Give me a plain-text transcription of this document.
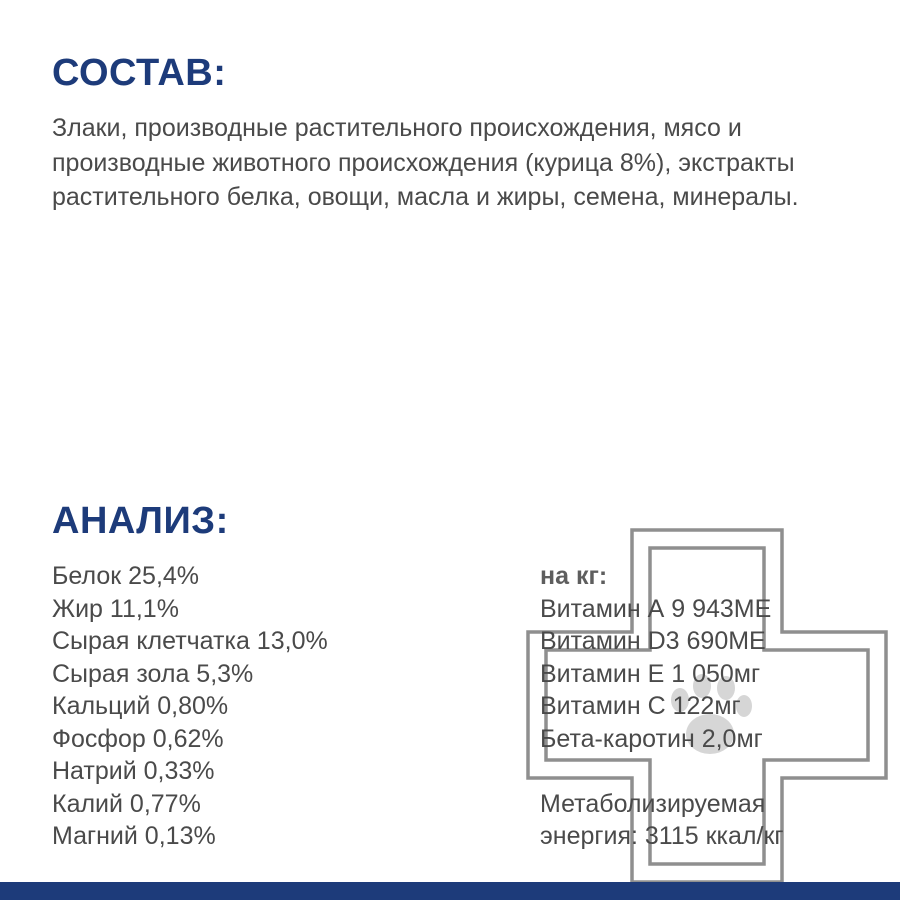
СОСТАВ:

Злаки, производные растительного происхождения, мясо и производные животного происхождения (курица 8%), экстракты растительного белка, овощи, масла и жиры, семена, минералы.

АНАЛИЗ:
Белок 25,4%
Жир 11,1%
Сырая клетчатка 13,0%
Сырая зола 5,3%
Кальций 0,80%
Фосфор 0,62%
Натрий 0,33%
Калий 0,77%
Магний 0,13%
на кг:
Витамин А 9 943МЕ
Витамин D3 690МЕ
Витамин Е 1 050мг
Витамин С 122мг
Бета-каротин 2,0мг
Метаболизируемая
энергия: 3115 ккал/кг
